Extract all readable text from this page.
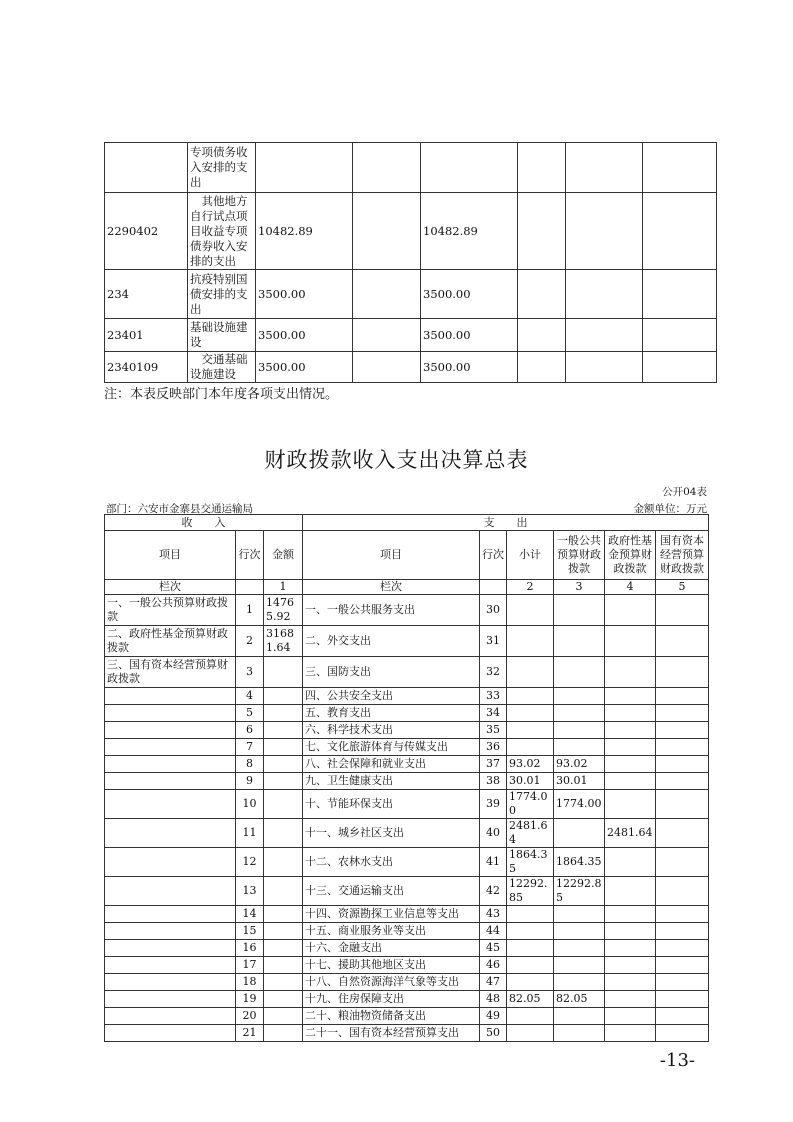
	专项债务收入安排的支出						
2290402	其他地方自行试点项目收益专项债券收入安排的支出	10482.89		10482.89			
234	抗疫特别国债安排的支出	3500.00		3500.00			
23401	基础设施建设	3500.00		3500.00			
2340109	交通基础设施建设	3500.00		3500.00			
注：本表反映部门本年度各项支出情况。
财政拨款收入支出决算总表
公开04表
部门：六安市金寨县交通运输局	金额单位：万元
收　　入			支　　出					
项目	行次	金额	项目	行次	小计	一般公共预算财政拨款	政府性基金预算财政拨款	国有资本经营预算财政拨款
栏次		1	栏次		2	3	4	5
一、一般公共预算财政拨款	1	14765.92	一、一般公共服务支出	30				
二、政府性基金预算财政拨款	2	31681.64	二、外交支出	31				
三、国有资本经营预算财政拨款	3		三、国防支出	32				
	4		四、公共安全支出	33				
	5		五、教育支出	34				
	6		六、科学技术支出	35				
	7		七、文化旅游体育与传媒支出	36				
	8		八、社会保障和就业支出	37	93.02	93.02		
	9		九、卫生健康支出	38	30.01	30.01		
	10		十、节能环保支出	39	1774.00	1774.00		
	11		十一、城乡社区支出	40	2481.64		2481.64	
	12		十二、农林水支出	41	1864.35	1864.35		
	13		十三、交通运输支出	42	12292.85	12292.85		
	14		十四、资源勘探工业信息等支出	43				
	15		十五、商业服务业等支出	44				
	16		十六、金融支出	45				
	17		十七、援助其他地区支出	46				
	18		十八、自然资源海洋气象等支出	47				
	19		十九、住房保障支出	48	82.05	82.05		
	20		二十、粮油物资储备支出	49				
	21		二十一、国有资本经营预算支出	50				
-13-
